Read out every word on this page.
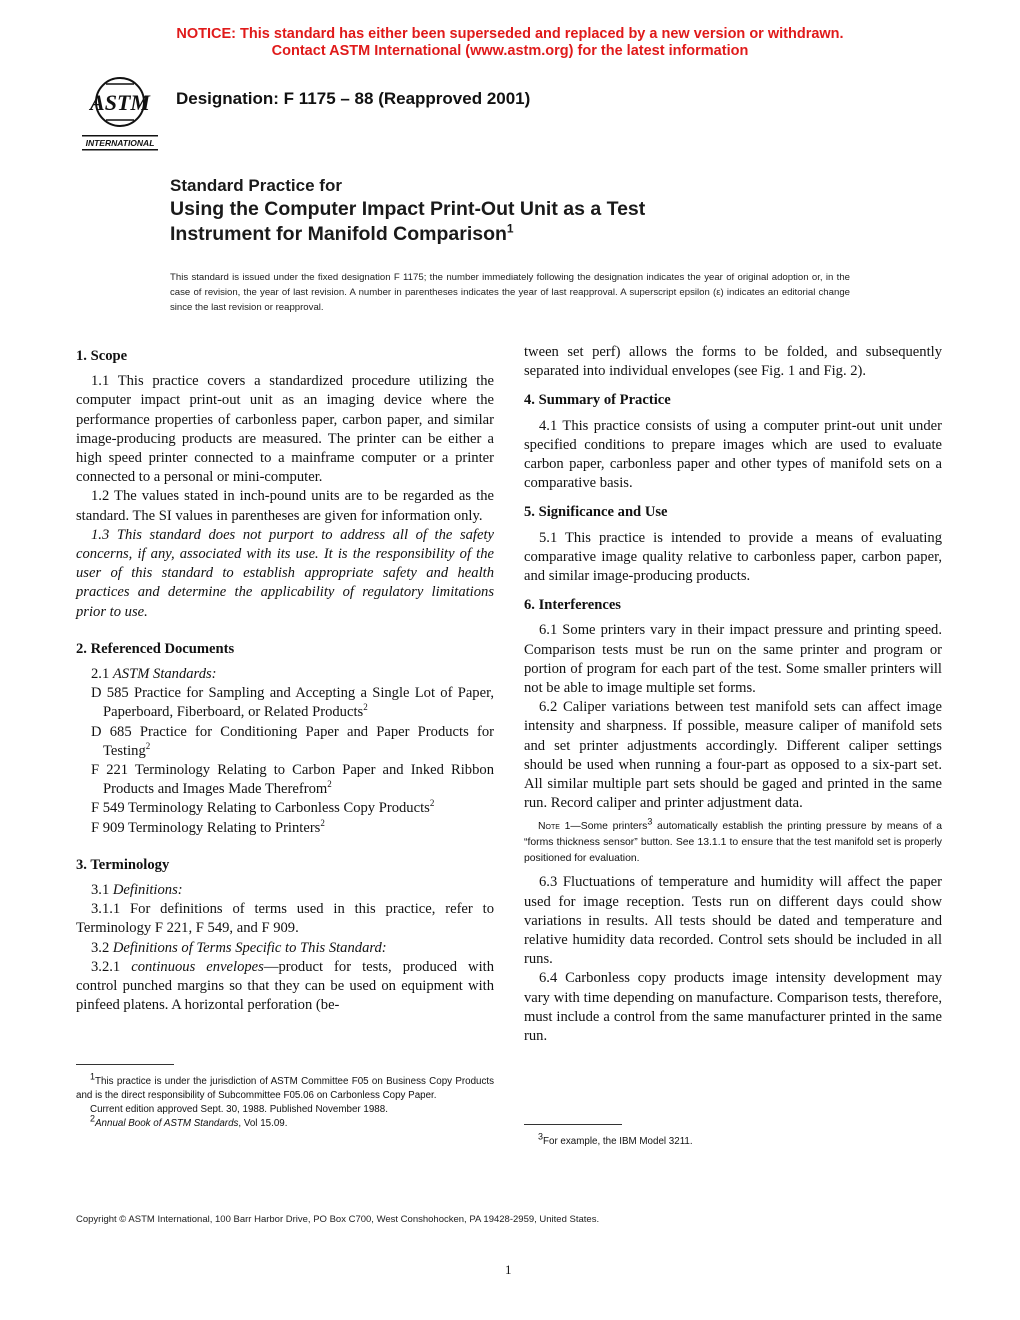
NOTICE: This standard has either been superseded and replaced by a new version or withdrawn.
Contact ASTM International (www.astm.org) for the latest information
ASTM
INTERNATIONAL
Designation: F 1175 – 88 (Reapproved 2001)
Standard Practice for
Using the Computer Impact Print-Out Unit as a Test
Instrument for Manifold Comparison$^1$
This standard is issued under the fixed designation F 1175; the number immediately following the designation indicates the year of original adoption or, in the case of revision, the year of last revision. A number in parentheses indicates the year of last reapproval. A superscript epsilon (ε) indicates an editorial change since the last revision or reapproval.
1. Scope

1.1 This practice covers a standardized procedure utilizing the computer impact print-out unit as an imaging device where the performance properties of carbonless paper, carbon paper, and similar image-producing products are measured. The printer can be either a high speed printer connected to a mainframe computer or a printer connected to a personal or mini-computer.

1.2 The values stated in inch-pound units are to be regarded as the standard. The SI values in parentheses are given for information only.

1.3 This standard does not purport to address all of the safety concerns, if any, associated with its use. It is the responsibility of the user of this standard to establish appropriate safety and health practices and determine the applicability of regulatory limitations prior to use.

2. Referenced Documents

2.1 ASTM Standards:

D 585 Practice for Sampling and Accepting a Single Lot of Paper, Paperboard, Fiberboard, or Related Products$^2$

D 685 Practice for Conditioning Paper and Paper Products for Testing$^2$

F 221 Terminology Relating to Carbon Paper and Inked Ribbon Products and Images Made Therefrom$^2$

F 549 Terminology Relating to Carbonless Copy Products$^2$

F 909 Terminology Relating to Printers$^2$

3. Terminology

3.1 Definitions:

3.1.1 For definitions of terms used in this practice, refer to Terminology F 221, F 549, and F 909.

3.2 Definitions of Terms Specific to This Standard:

3.2.1 continuous envelopes—product for tests, produced with control punched margins so that they can be used on equipment with pinfeed platens. A horizontal perforation (be-

$^1$This practice is under the jurisdiction of ASTM Committee F05 on Business Copy Products and is the direct responsibility of Subcommittee F05.06 on Carbonless Copy Paper.

Current edition approved Sept. 30, 1988. Published November 1988.

$^2$Annual Book of ASTM Standards, Vol 15.09.

tween set perf) allows the forms to be folded, and subsequently separated into individual envelopes (see Fig. 1 and Fig. 2).

4. Summary of Practice

4.1 This practice consists of using a computer print-out unit under specified conditions to prepare images which are used to evaluate carbon paper, carbonless paper and other types of manifold sets on a comparative basis.

5. Significance and Use

5.1 This practice is intended to provide a means of evaluating comparative image quality relative to carbonless paper, carbon paper, and similar image-producing products.

6. Interferences

6.1 Some printers vary in their impact pressure and printing speed. Comparison tests must be run on the same printer and program or portion of program for each part of the test. Some smaller printers will not be able to image multiple set forms.

6.2 Caliper variations between test manifold sets can affect image intensity and sharpness. If possible, measure caliper of manifold sets and set printer adjustments accordingly. Different caliper settings should be used when running a four-part as opposed to a six-part set. All similar multiple part sets should be gaged and printed in the same run. Record caliper and printer adjustment data.

Note 1—Some printers$^3$ automatically establish the printing pressure by means of a “forms thickness sensor” button. See 13.1.1 to ensure that the test manifold set is properly positioned for evaluation.

6.3 Fluctuations of temperature and humidity will affect the paper used for image reception. Tests run on different days could show variations in results. All tests should be dated and temperature and relative humidity data recorded. Control sets should be included in all runs.

6.4 Carbonless copy products image intensity development may vary with time depending on manufacture. Comparison tests, therefore, must include a control from the same manufacturer printed in the same run.

$^3$For example, the IBM Model 3211.

Copyright © ASTM International, 100 Barr Harbor Drive, PO Box C700, West Conshohocken, PA 19428-2959, United States.
1
